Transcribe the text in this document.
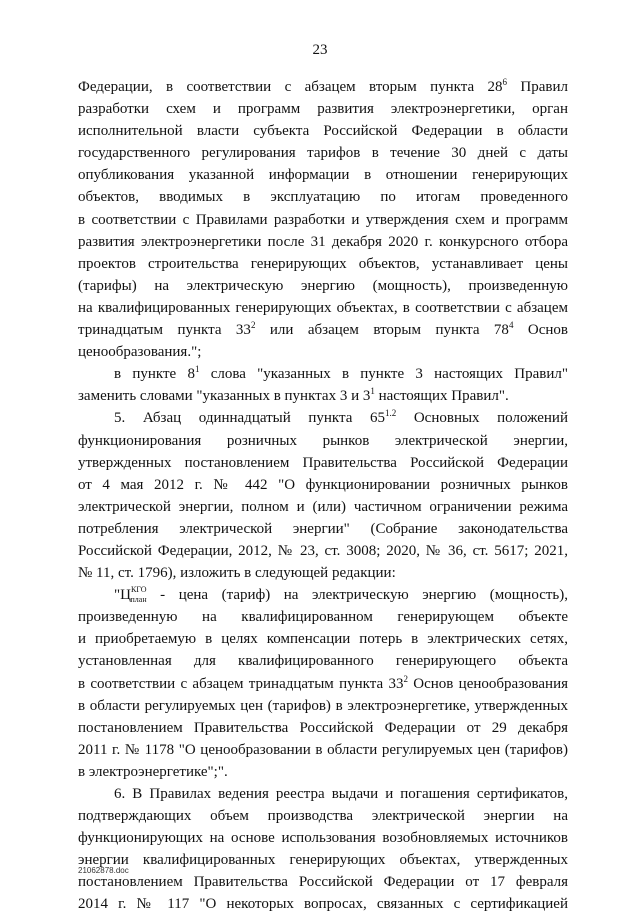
23
Федерации, в соответствии с абзацем вторым пункта $28^6$ Правил
разработки схем и программ развития электроэнергетики, орган
исполнительной власти субъекта Российской Федерации в области
государственного регулирования тарифов в течение 30 дней с даты
опубликования указанной информации в отношении генерирующих
объектов, вводимых в эксплуатацию по итогам проведенного
в соответствии с Правилами разработки и утверждения схем и программ
развития электроэнергетики после 31 декабря 2020 г. конкурсного отбора
проектов строительства генерирующих объектов, устанавливает цены
(тарифы) на электрическую энергию (мощность), произведенную
на квалифицированных генерирующих объектах, в соответствии с абзацем
тринадцатым пункта $33^2$ или абзацем вторым пункта $78^4$ Основ
ценообразования.";
в пункте $8^1$ слова "указанных в пункте 3 настоящих Правил"
заменить словами "указанных в пунктах 3 и $3^1$ настоящих Правил".
5. Абзац одиннадцатый пункта $65^{1.2}$ Основных положений
функционирования розничных рынков электрической энергии,
утвержденных постановлением Правительства Российской Федерации
от 4 мая 2012 г. № 442 "О функционировании розничных рынков
электрической энергии, полном и (или) частичном ограничении режима
потребления электрической энергии" (Собрание законодательства
Российской Федерации, 2012, № 23, ст. 3008; 2020, № 36, ст. 5617; 2021,
№ 11, ст. 1796), изложить в следующей редакции:
"$Ц^{КГО}_{план}$ - цена (тариф) на электрическую энергию (мощность),
произведенную на квалифицированном генерирующем объекте
и приобретаемую в целях компенсации потерь в электрических сетях,
установленная для квалифицированного генерирующего объекта
в соответствии с абзацем тринадцатым пункта $33^2$ Основ ценообразования
в области регулируемых цен (тарифов) в электроэнергетике, утвержденных
постановлением Правительства Российской Федерации от 29 декабря
2011 г. № 1178 "О ценообразовании в области регулируемых цен (тарифов)
в электроэнергетике";".
6. В Правилах ведения реестра выдачи и погашения сертификатов,
подтверждающих объем производства электрической энергии на
функционирующих на основе использования возобновляемых источников
энергии квалифицированных генерирующих объектах, утвержденных
постановлением Правительства Российской Федерации от 17 февраля
2014 г. № 117 "О некоторых вопросах, связанных с сертификацией
21062878.doc
